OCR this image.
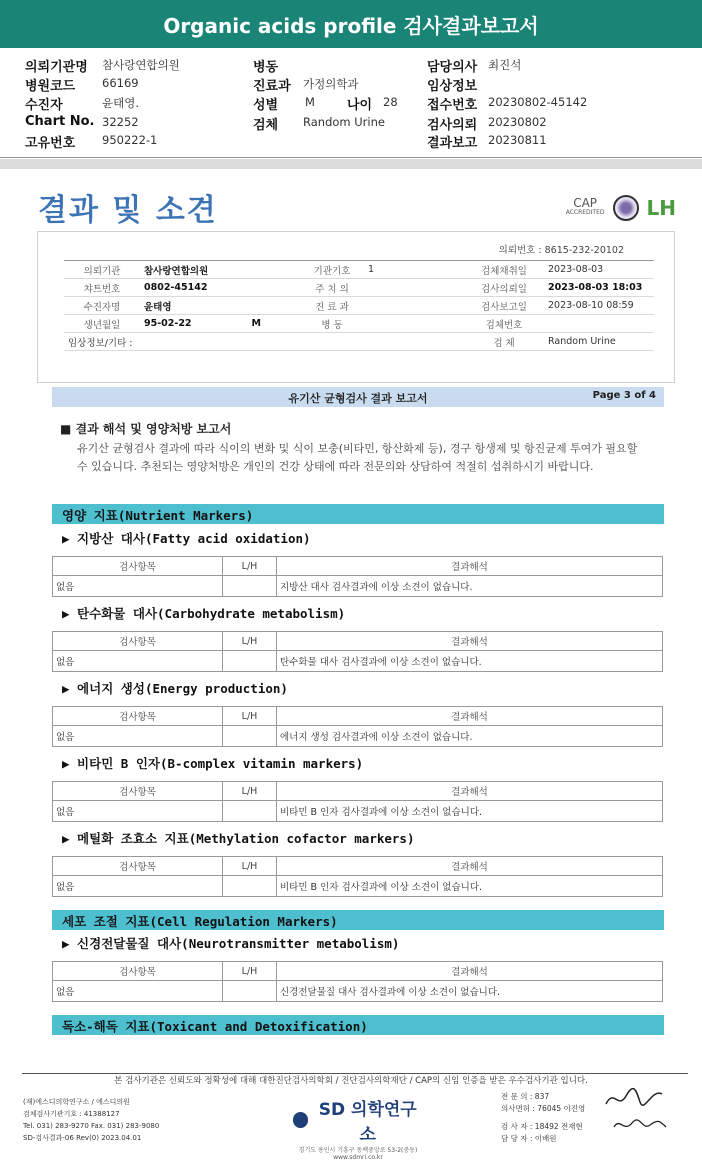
Organic acids profile 검사결과보고서
의뢰기관명 참사랑연합의원
병원코드 66169
수진자	윤태영.
Chart No. 32252
고유번호 950222-1
병동
진료과 가정의학과
성별 M 나이 28
검체 Random Urine
담당의사 최진석
임상정보
접수번호 20230802-45142
검사의뢰 20230802
결과보고 20230811
결과 및 소견	CAP
ACCREDITED LH
의뢰번호 : 8615-232-20102
의뢰기관	참사랑연합의원	기관기호	1	검체채취일	2023-08-03
챠트번호	0802-45142	주 치 의		검사의뢰일	2023-08-03 18:03
수진자명	윤태영	진 료 과		검사보고일	2023-08-10 08:59
생년월일	95-02-22 M	병 동		검체번호	
임상정보/기타 :				검 체	Random Urine
유기산 균형검사 결과 보고서	Page 3 of 4
■ 결과 해석 및 영양처방 보고서
유기산 균형검사 결과에 따라 식이의 변화 및 식이 보충(비타민, 항산화제 등), 경구 항생제 및 항진균제 투여가 필요할 수 있습니다. 추천되는 영양처방은 개인의 건강 상태에 따라 전문의와 상담하여 적절히 섭취하시기 바랍니다.
영양 지표(Nutrient Markers)
▶ 지방산 대사(Fatty acid oxidation)
검사항목	L/H	결과해석
없음		지방산 대사 검사결과에 이상 소견이 없습니다.
▶ 탄수화물 대사(Carbohydrate metabolism)
검사항목	L/H	결과해석
없음		탄수화물 대사 검사결과에 이상 소견이 없습니다.
▶ 에너지 생성(Energy production)
검사항목	L/H	결과해석
없음		에너지 생성 검사결과에 이상 소견이 없습니다.
▶ 비타민 B 인자(B-complex vitamin markers)
검사항목	L/H	결과해석
없음		비타민 B 인자 검사결과에 이상 소견이 없습니다.
▶ 메틸화 조효소 지표(Methylation cofactor markers)
검사항목	L/H	결과해석
없음		비타민 B 인자 검사결과에 이상 소견이 없습니다.
세포 조절 지표(Cell Regulation Markers)
▶ 신경전달물질 대사(Neurotransmitter metabolism)
검사항목	L/H	결과해석
없음		신경전달물질 대사 검사결과에 이상 소견이 없습니다.
독소-해독 지표(Toxicant and Detoxification)
본 검사기관은 신뢰도와 정확성에 대해 대한진단검사의학회 / 진단검사의학재단 / CAP의 신임 인증을 받은 우수검사기관 입니다.
(재)에스디의학연구소 / 에스디의원
검체검사기관기호 : 41388127
Tel. 031) 283-9270 Fax. 031) 283-9080
SD-검사결과-06 Rev(0) 2023.04.01
SD 의학연구소
경기도 용인시 기흥구 동백중앙로 53-2(중동)
www.sdmri.co.kr
전 문 의 : 837
의사면허 : 76045 이진영
검 사 자 : 18492 전재현
담 당 자 : 이배원
